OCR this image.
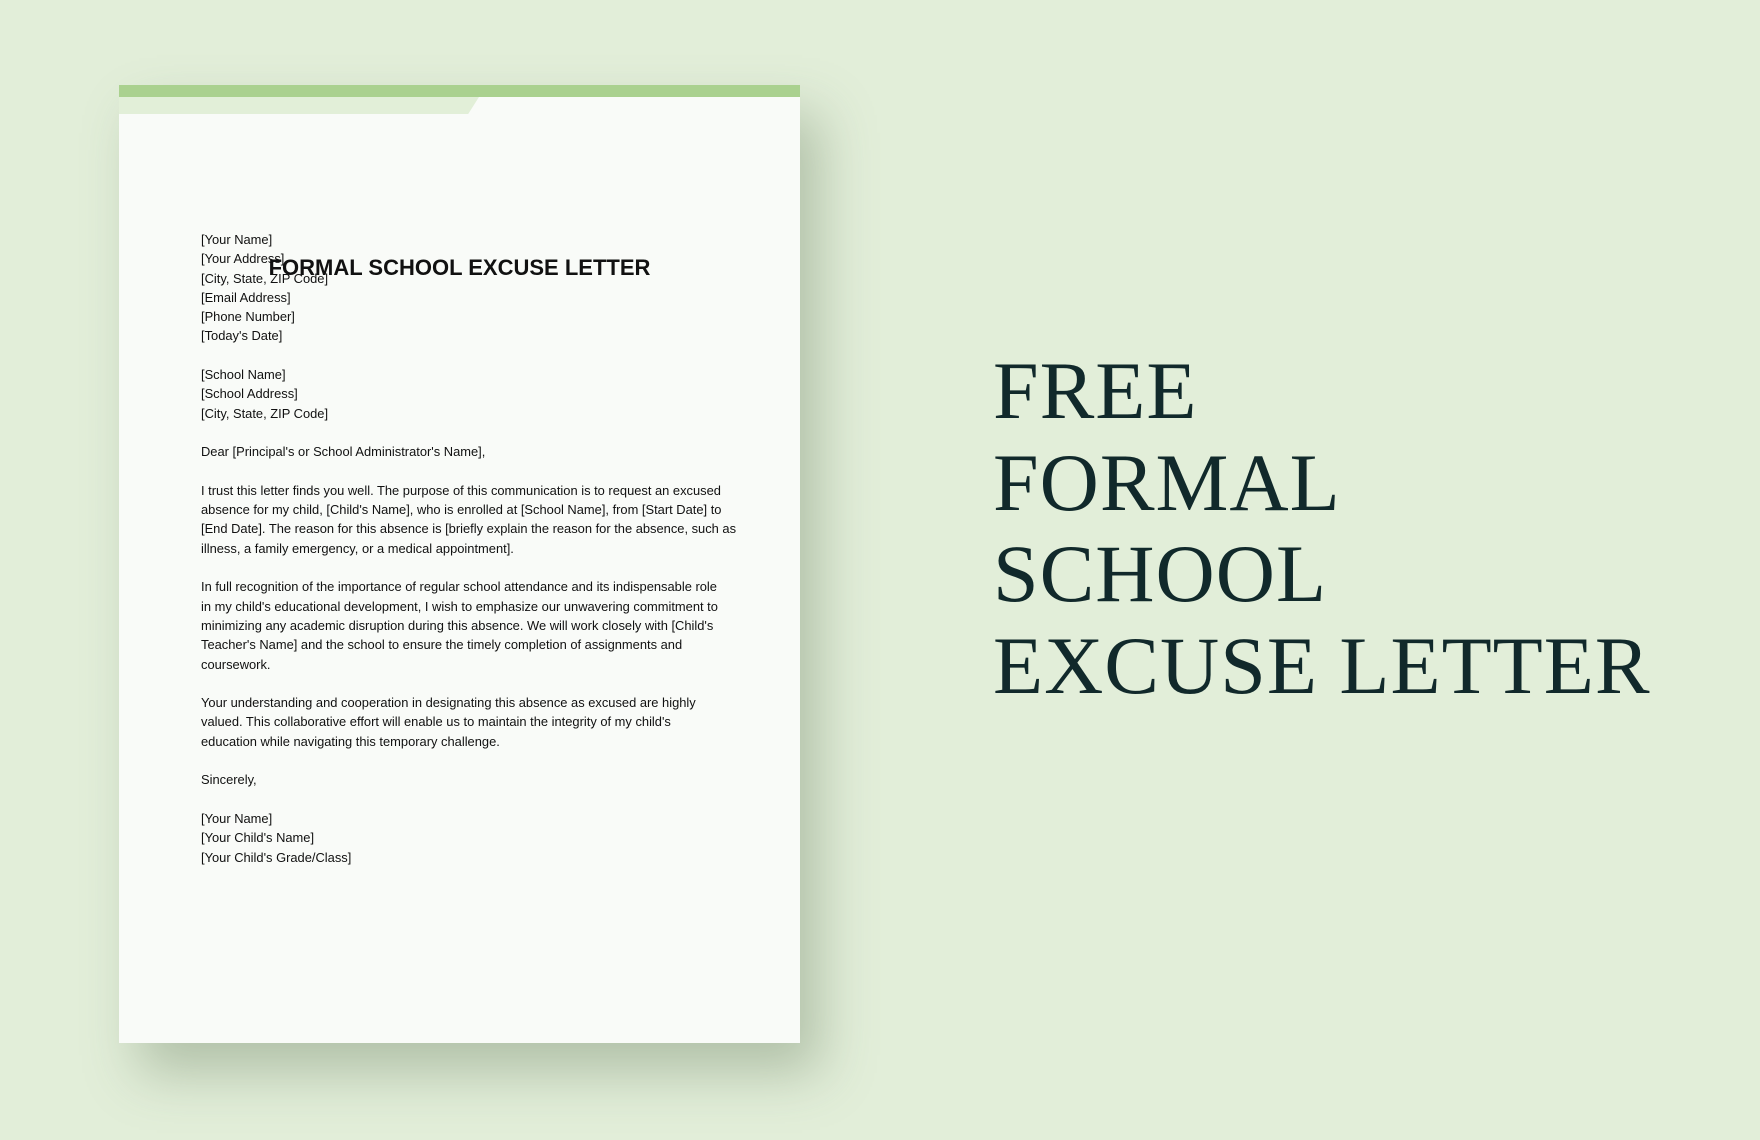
FORMAL SCHOOL EXCUSE LETTER
[Your Name]
[Your Address]
[City, State, ZIP Code]
[Email Address]
[Phone Number]
[Today's Date]
[School Name]
[School Address]
[City, State, ZIP Code]
Dear [Principal's or School Administrator's Name],
I trust this letter finds you well. The purpose of this communication is to request an excused
absence for my child, [Child's Name], who is enrolled at [School Name], from [Start Date] to
[End Date]. The reason for this absence is [briefly explain the reason for the absence, such as
illness, a family emergency, or a medical appointment].
In full recognition of the importance of regular school attendance and its indispensable role
in my child's educational development, I wish to emphasize our unwavering commitment to
minimizing any academic disruption during this absence. We will work closely with [Child's
Teacher's Name] and the school to ensure the timely completion of assignments and
coursework.
Your understanding and cooperation in designating this absence as excused are highly
valued. This collaborative effort will enable us to maintain the integrity of my child's
education while navigating this temporary challenge.
Sincerely,
[Your Name]
[Your Child's Name]
[Your Child's Grade/Class]
FREE
FORMAL
SCHOOL
EXCUSE LETTER
